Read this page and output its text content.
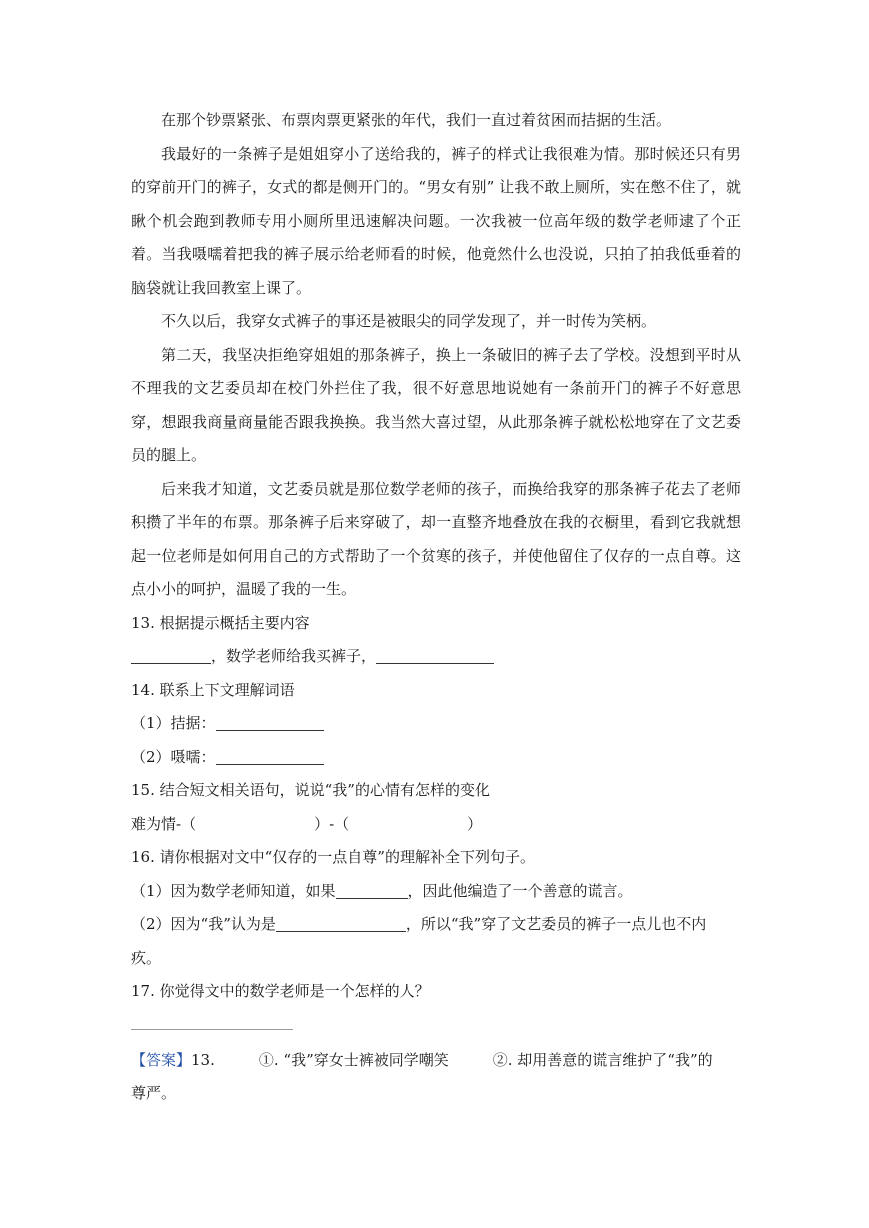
在那个钞票紧张、布票肉票更紧张的年代，我们一直过着贫困而拮据的生活。

我最好的一条裤子是姐姐穿小了送给我的，裤子的样式让我很难为情。那时候还只有男的穿前开门的裤子，女式的都是侧开门的。“男女有别” 让我不敢上厕所，实在憋不住了，就瞅个机会跑到教师专用小厕所里迅速解决问题。一次我被一位高年级的数学老师逮了个正着。当我嗫嚅着把我的裤子展示给老师看的时候，他竟然什么也没说，只拍了拍我低垂着的脑袋就让我回教室上课了。

不久以后，我穿女式裤子的事还是被眼尖的同学发现了，并一时传为笑柄。

第二天，我坚决拒绝穿姐姐的那条裤子，换上一条破旧的裤子去了学校。没想到平时从不理我的文艺委员却在校门外拦住了我，很不好意思地说她有一条前开门的裤子不好意思穿，想跟我商量商量能否跟我换换。我当然大喜过望，从此那条裤子就松松地穿在了文艺委员的腿上。

后来我才知道，文艺委员就是那位数学老师的孩子，而换给我穿的那条裤子花去了老师积攒了半年的布票。那条裤子后来穿破了，却一直整齐地叠放在我的衣橱里，看到它我就想起一位老师是如何用自己的方式帮助了一个贫寒的孩子，并使他留住了仅存的一点自尊。这点小小的呵护，温暖了我的一生。

13. 根据提示概括主要内容

，数学老师给我买裤子，

14. 联系上下文理解词语

（1）拮据：

（2）嗫嚅：

15. 结合短文相关语句，说说“我”的心情有怎样的变化

难为情-（	）-（	）

16. 请你根据对文中“仅存的一点自尊”的理解补全下列句子。

（1）因为数学老师知道，如果	，因此他编造了一个善意的谎言。

（2）因为“我”认为是	，所以“我”穿了文艺委员的裤子一点儿也不内

疚。

17. 你觉得文中的数学老师是一个怎样的人？

【答案】13.	①. “我”穿女士裤被同学嘲笑	②. 却用善意的谎言维护了“我”的

尊严。
